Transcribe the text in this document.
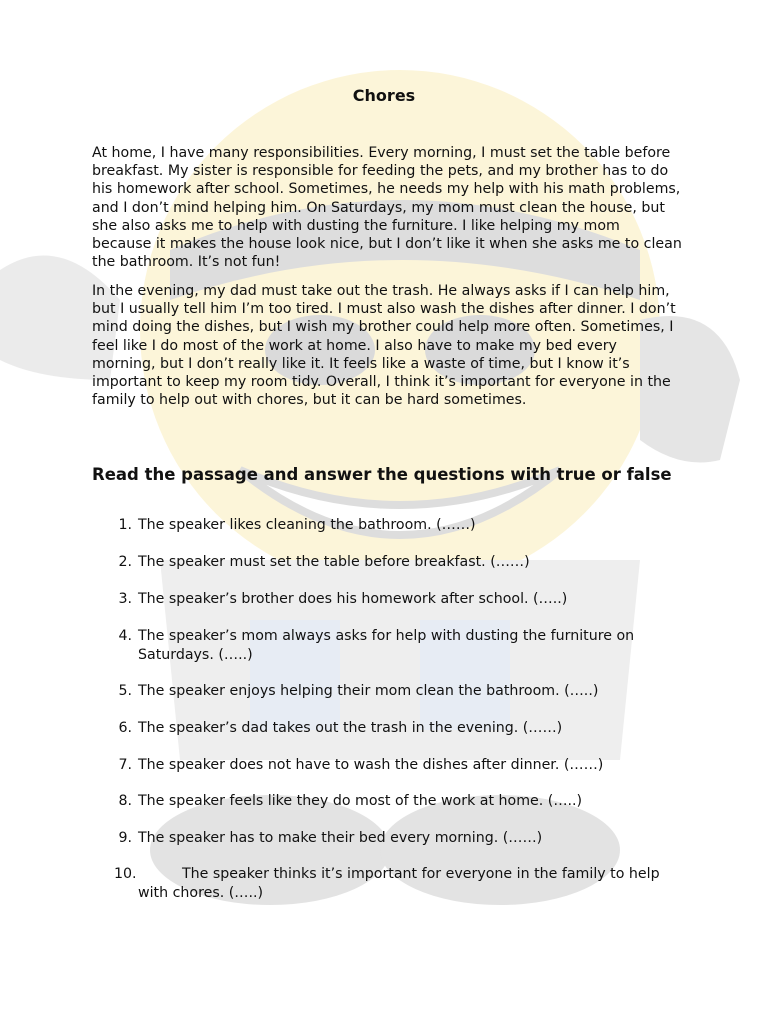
Chores

At home, I have many responsibilities. Every morning, I must set the table before breakfast. My sister is responsible for feeding the pets, and my brother has to do his homework after school. Sometimes, he needs my help with his math problems, and I don’t mind helping him. On Saturdays, my mom must clean the house, but she also asks me to help with dusting the furniture. I like helping my mom because it makes the house look nice, but I don’t like it when she asks me to clean the bathroom. It’s not fun!

In the evening, my dad must take out the trash. He always asks if I can help him, but I usually tell him I’m too tired. I must also wash the dishes after dinner. I don’t mind doing the dishes, but I wish my brother could help more often. Sometimes, I feel like I do most of the work at home. I also have to make my bed every morning, but I don’t really like it. It feels like a waste of time, but I know it’s important to keep my room tidy. Overall, I think it’s important for everyone in the family to help out with chores, but it can be hard sometimes.

Read the passage and answer the questions with true or false
1. The speaker likes cleaning the bathroom. (……)
2. The speaker must set the table before breakfast. (……)
3. The speaker’s brother does his homework after school. (…..)
4. The speaker’s mom always asks for help with dusting the furniture on Saturdays. (…..)
5. The speaker enjoys helping their mom clean the bathroom. (…..)
6. The speaker’s dad takes out the trash in the evening. (……)
7. The speaker does not have to wash the dishes after dinner. (……)
8. The speaker feels like they do most of the work at home. (…..)
9. The speaker has to make their bed every morning. (……)
10.	The speaker thinks it’s important for everyone in the family to help with chores. (…..)
